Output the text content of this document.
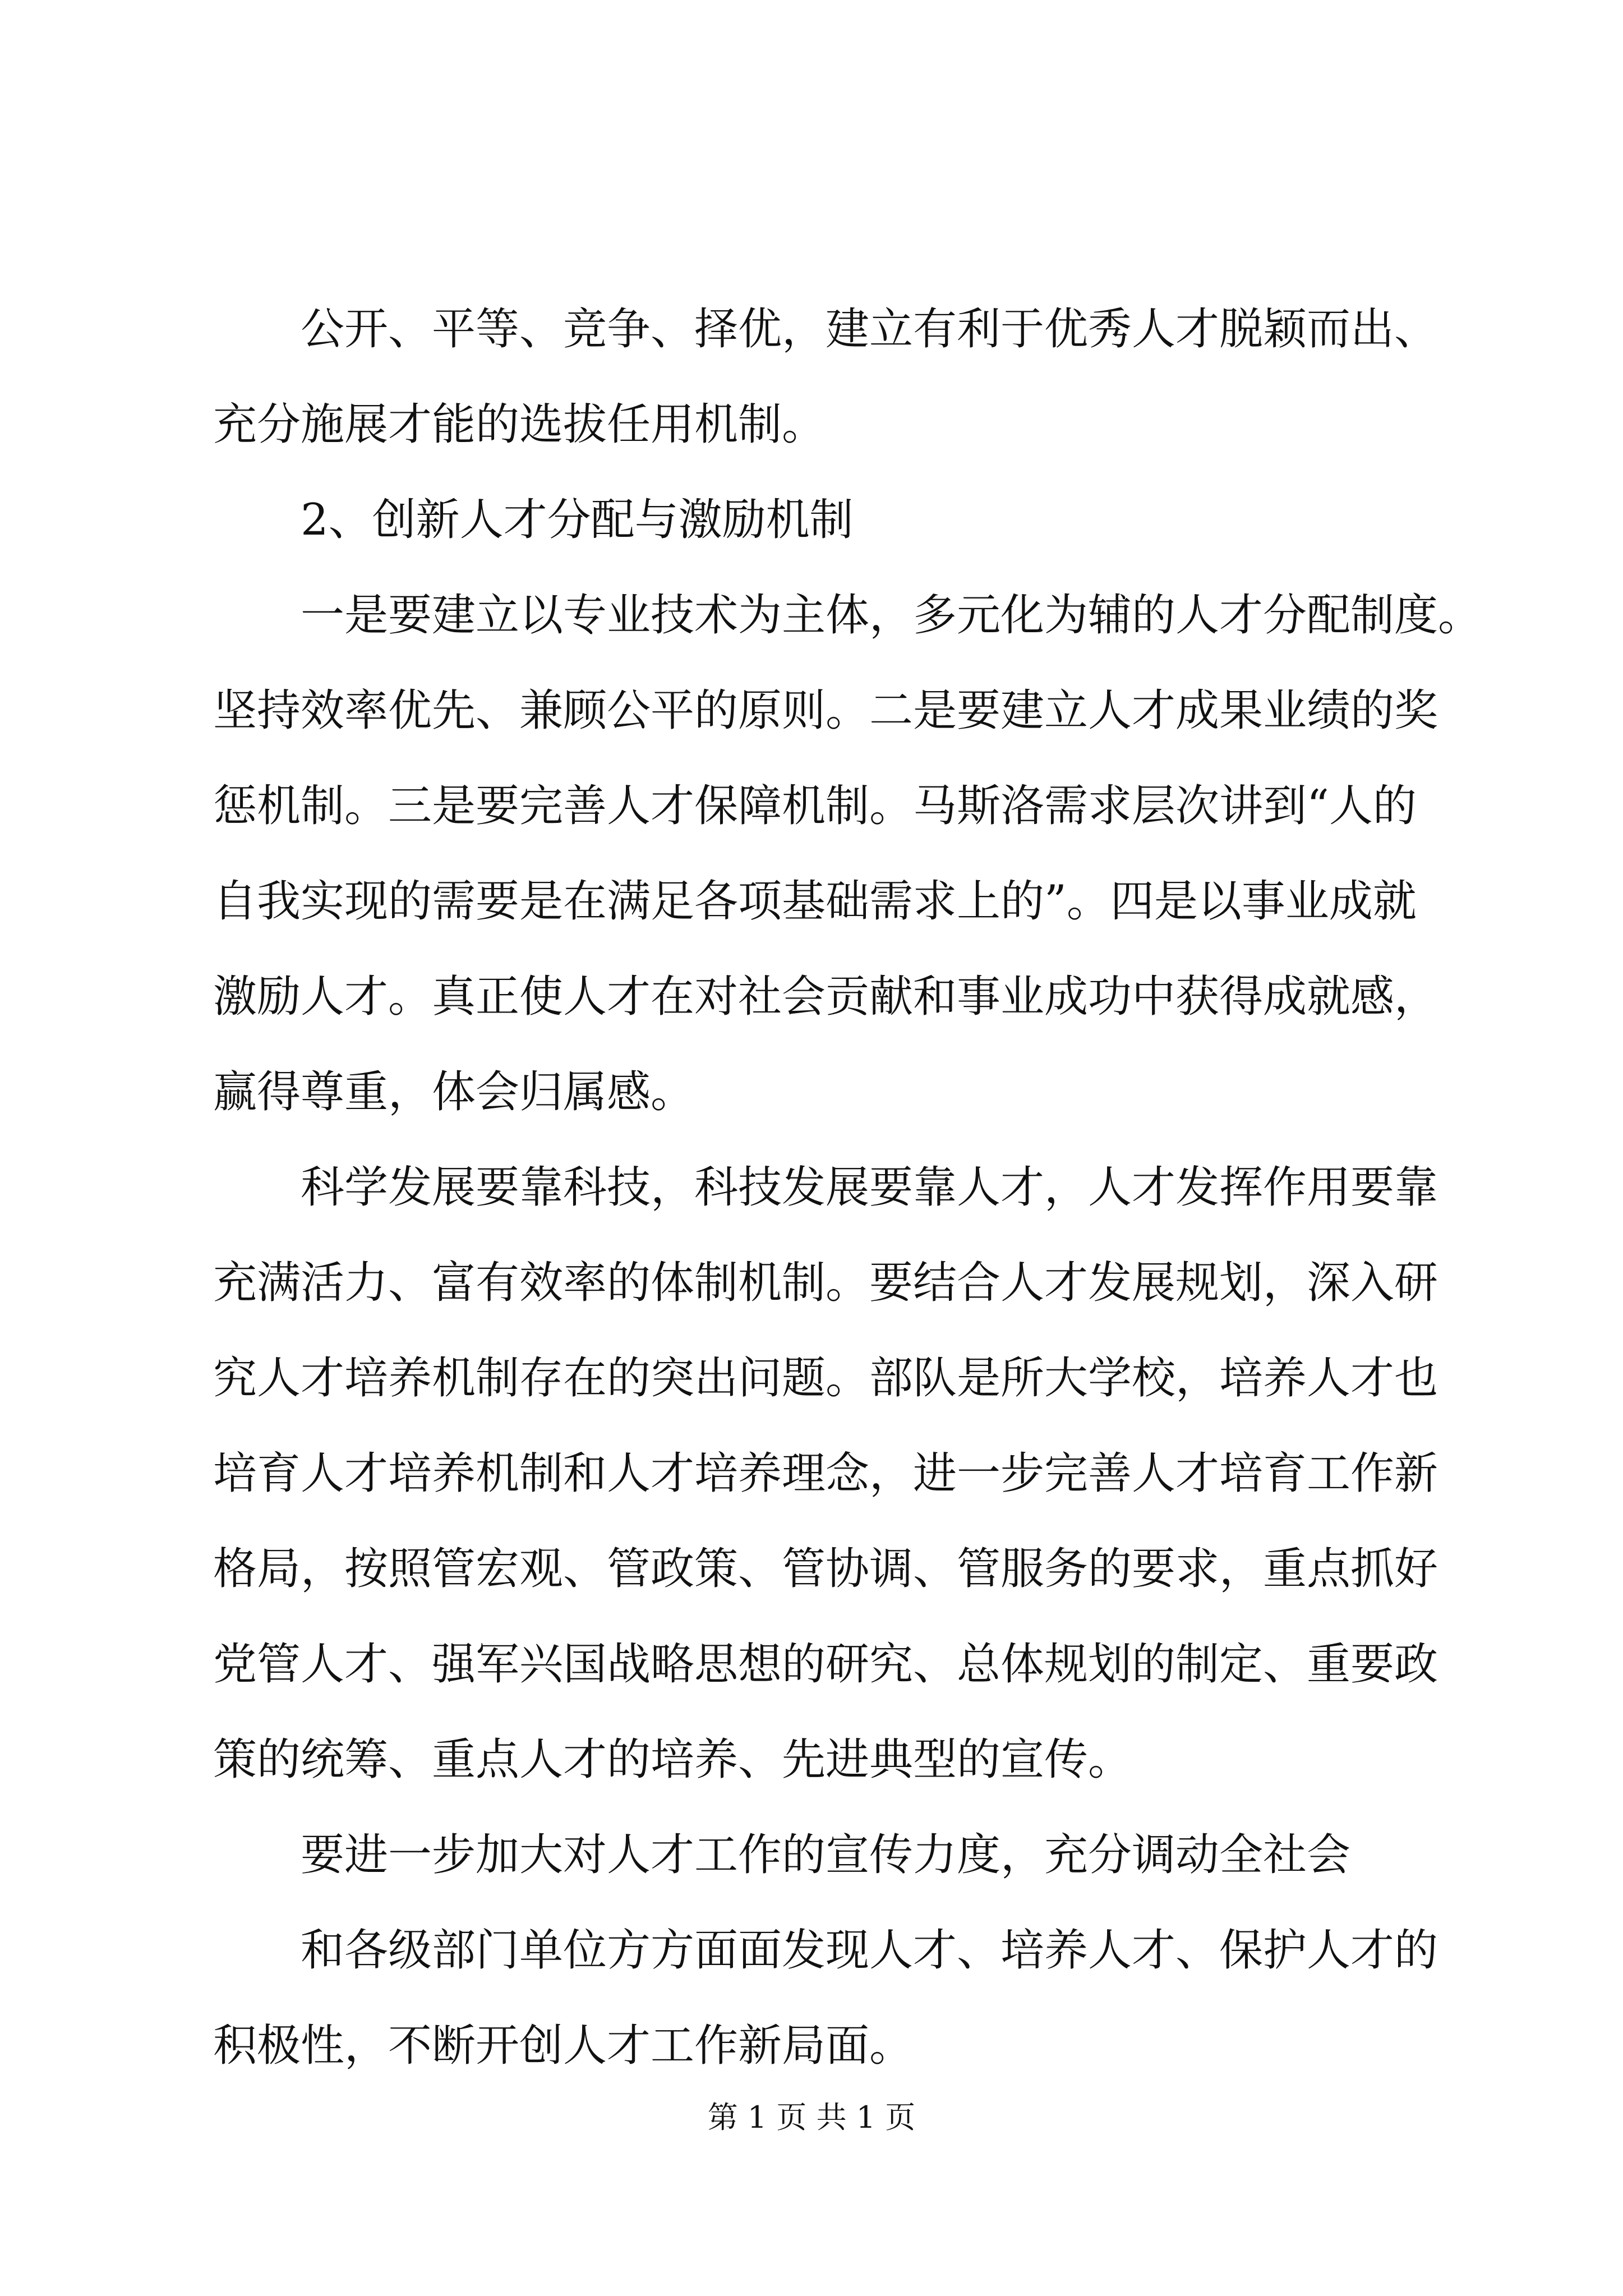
公开、平等、竞争、择优，建立有利于优秀人才脱颖而出、
充分施展才能的选拔任用机制。
2、创新人才分配与激励机制
一是要建立以专业技术为主体，多元化为辅的人才分配制度。
坚持效率优先、兼顾公平的原则。二是要建立人才成果业绩的奖
惩机制。三是要完善人才保障机制。马斯洛需求层次讲到“人的
自我实现的需要是在满足各项基础需求上的”。四是以事业成就
激励人才。真正使人才在对社会贡献和事业成功中获得成就感，
赢得尊重，体会归属感。
科学发展要靠科技，科技发展要靠人才，人才发挥作用要靠
充满活力、富有效率的体制机制。要结合人才发展规划，深入研
究人才培养机制存在的突出问题。部队是所大学校，培养人才也
培育人才培养机制和人才培养理念，进一步完善人才培育工作新
格局，按照管宏观、管政策、管协调、管服务的要求，重点抓好
党管人才、强军兴国战略思想的研究、总体规划的制定、重要政
策的统筹、重点人才的培养、先进典型的宣传。
要进一步加大对人才工作的宣传力度，充分调动全社会
和各级部门单位方方面面发现人才、培养人才、保护人才的
积极性，不断开创人才工作新局面。
第 1 页 共 1 页
